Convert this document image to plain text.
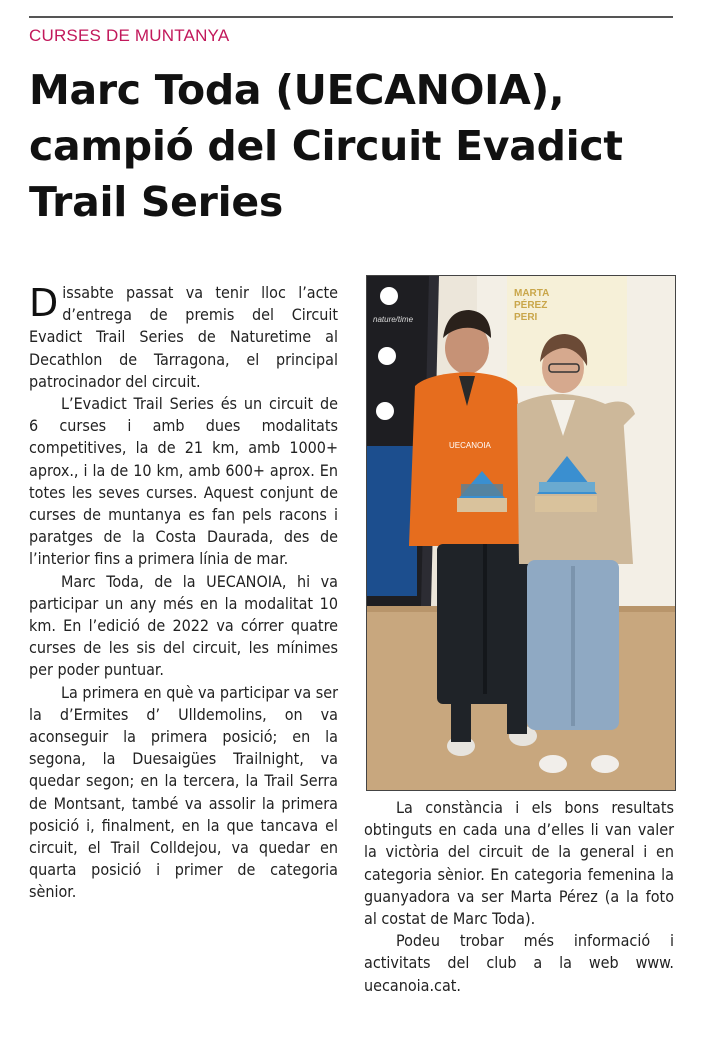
CURSES DE MUNTANYA
Marc Toda (UECANOIA),
campió del Circuit Evadict
Trail Series

Dissabte passat va tenir lloc l’acte d’entrega de premis del Circuit Evadict Trail Series de Naturetime al Decathlon de Tarragona, el principal patrocinador del circuit.

L’Evadict Trail Series és un circuit de 6 curses i amb dues modalitats competitives, la de 21 km, amb 1000+ aprox., i la de 10 km, amb 600+ aprox. En totes les seves curses. Aquest conjunt de curses de muntanya es fan pels racons i paratges de la Costa Daurada, des de l’interior fins a primera línia de mar.

Marc Toda, de la UECANOIA, hi va participar un any més en la modalitat 10 km. En l’edició de 2022 va córrer quatre curses de les sis del circuit, les mínimes per poder puntuar.

La primera en què va participar va ser la d’Ermites d’ Ulldemolins, on va aconseguir la primera posició; en la segona, la Duesaigües Trailnight, va quedar segon; en la tercera, la Trail Serra de Montsant, també va assolir la primera posició i, finalment, en la que tancava el circuit, el Trail Colldejou, va quedar en quarta posició i primer de categoria sènior.

MARTA
PÉREZ
PERI
nature/time
UECANOIA

La constància i els bons resultats obtinguts en cada una d’elles li van valer la victòria del circuit de la general i en categoria sènior. En categoria femenina la guanyadora va ser Marta Pérez (a la foto al costat de Marc Toda).

Podeu trobar més informació i activitats del club a la web www. uecanoia.cat.
